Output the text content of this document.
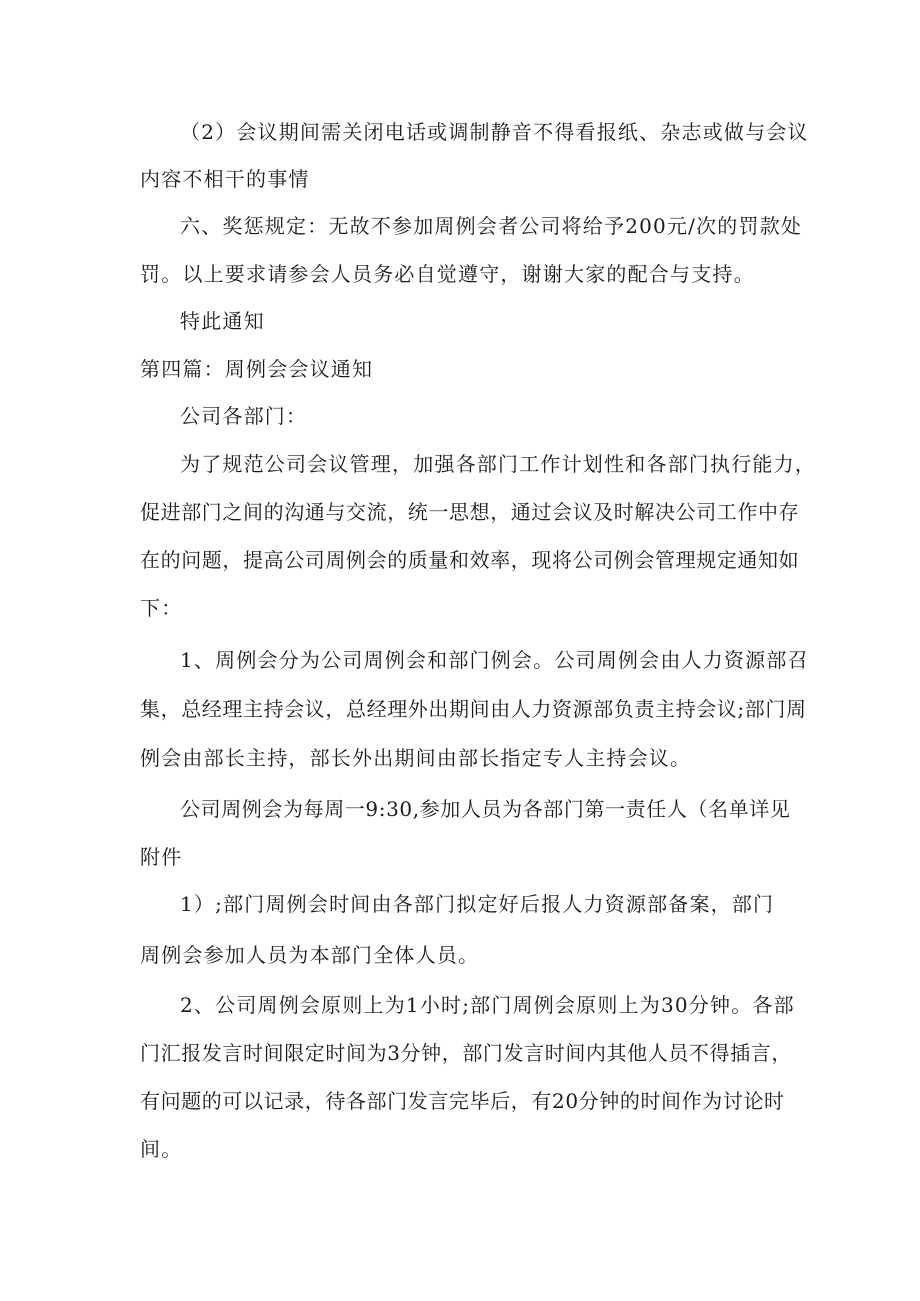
（2）会议期间需关闭电话或调制静音不得看报纸、杂志或做与会议
内容不相干的事情
六、奖惩规定：无故不参加周例会者公司将给予200元/次的罚款处
罚。以上要求请参会人员务必自觉遵守，谢谢大家的配合与支持。
特此通知
第四篇：周例会会议通知
公司各部门：
为了规范公司会议管理，加强各部门工作计划性和各部门执行能力，
促进部门之间的沟通与交流，统一思想，通过会议及时解决公司工作中存
在的问题，提高公司周例会的质量和效率，现将公司例会管理规定通知如
下：
1、周例会分为公司周例会和部门例会。公司周例会由人力资源部召
集，总经理主持会议，总经理外出期间由人力资源部负责主持会议;部门周
例会由部长主持，部长外出期间由部长指定专人主持会议。
公司周例会为每周一9:30,参加人员为各部门第一责任人（名单详见
附件
1）;部门周例会时间由各部门拟定好后报人力资源部备案，部门
周例会参加人员为本部门全体人员。
2、公司周例会原则上为1小时;部门周例会原则上为30分钟。各部
门汇报发言时间限定时间为3分钟，部门发言时间内其他人员不得插言，
有问题的可以记录，待各部门发言完毕后，有20分钟的时间作为讨论时
间。
